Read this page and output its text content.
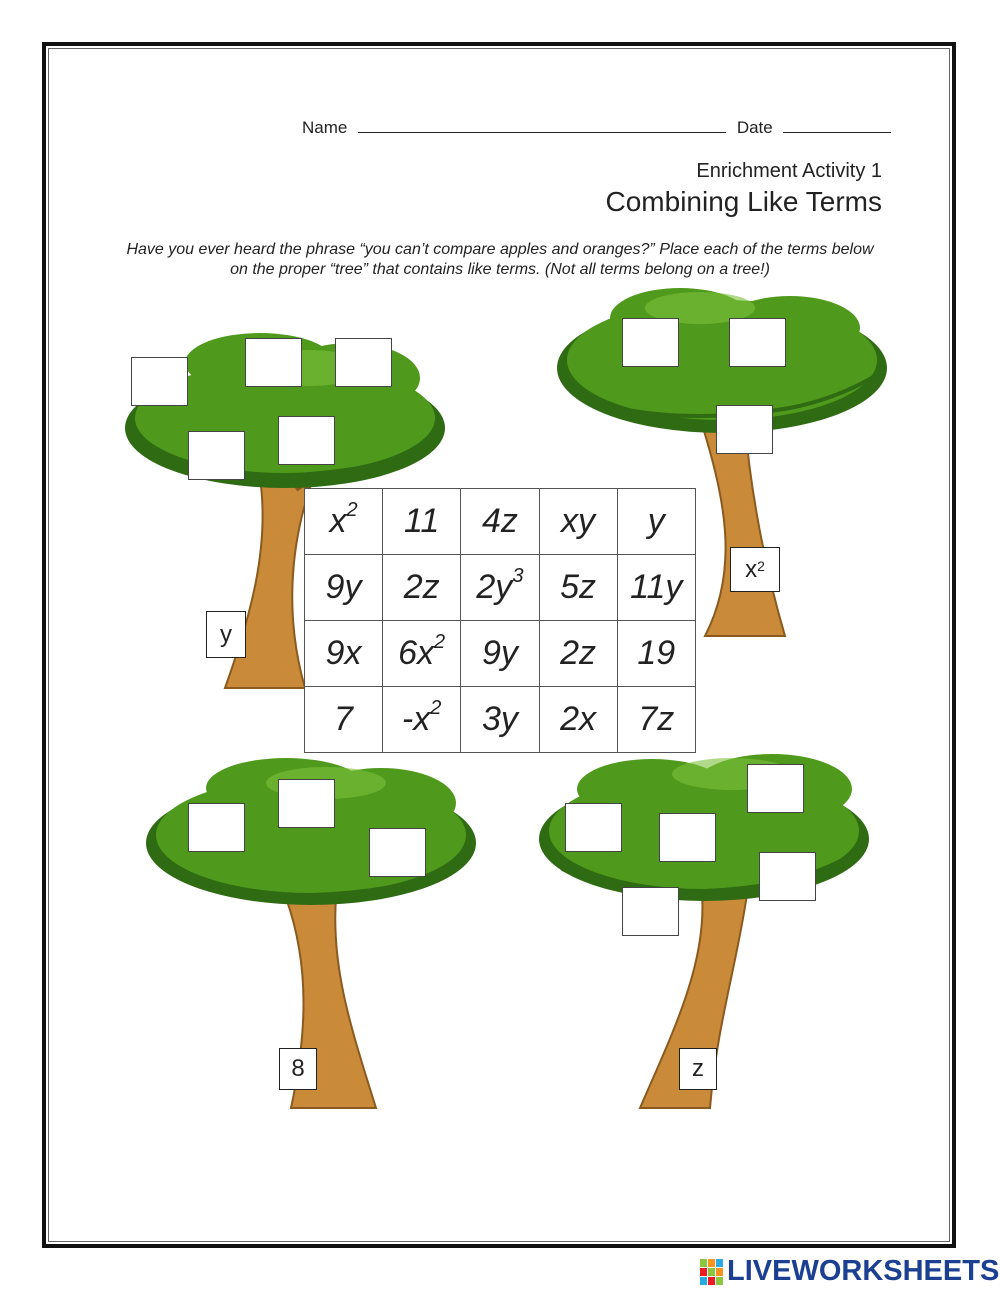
Name	Date
Enrichment Activity 1
Combining Like Terms
Have you ever heard the phrase “you can’t compare apples and oranges?” Place each of the terms below on the proper “tree” that contains like terms. (Not all terms belong on a tree!)
y
$x^2$
8	z
$x^2$	11	4z	xy	y
9y	2z	$2y^3$	5z	11y
9x	$6x^2$	9y	2z	19
7	$-x^2$	3y	2x	7z
LIVEWORKSHEETS
